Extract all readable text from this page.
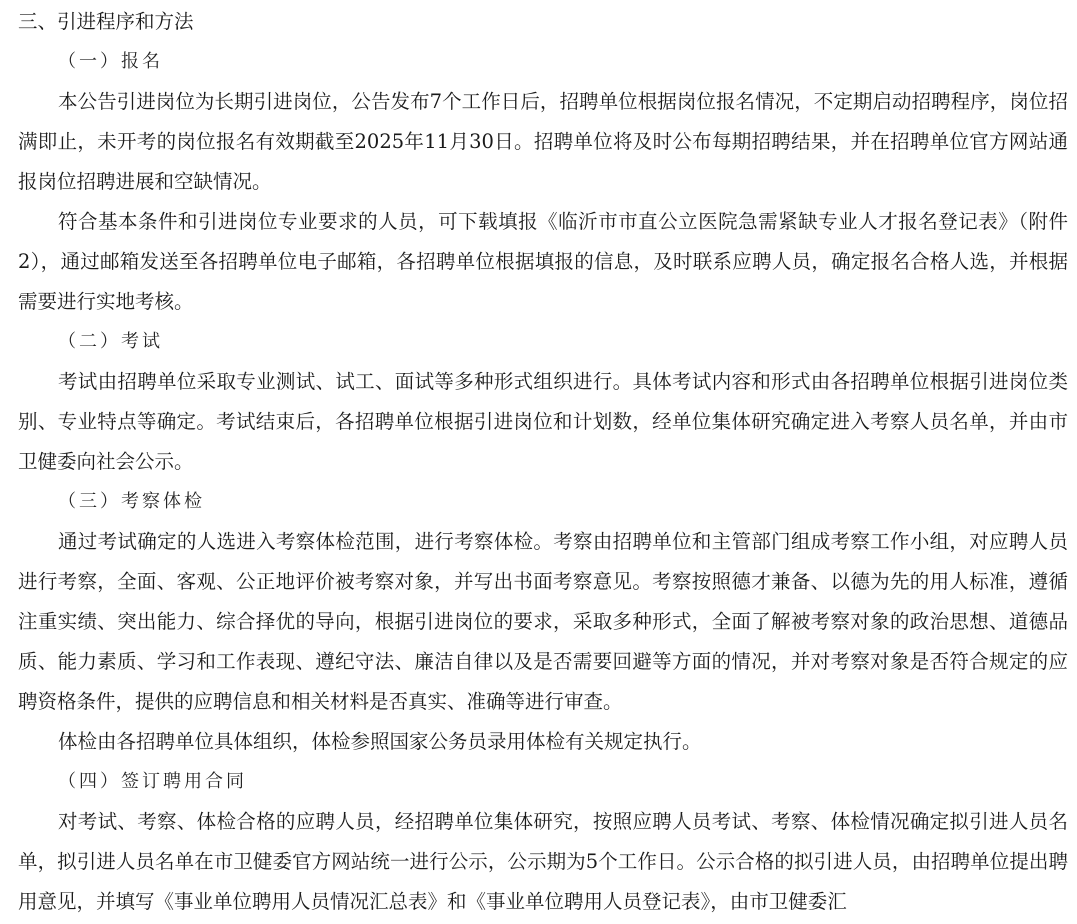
三、引进程序和方法
（一）报名

本公告引进岗位为长期引进岗位，公告发布7个工作日后，招聘单位根据岗位报名情况，不定期启动招聘程序，岗位招满即止，未开考的岗位报名有效期截至2025年11月30日。招聘单位将及时公布每期招聘结果，并在招聘单位官方网站通报岗位招聘进展和空缺情况。

符合基本条件和引进岗位专业要求的人员，可下载填报《临沂市市直公立医院急需紧缺专业人才报名登记表》（附件2），通过邮箱发送至各招聘单位电子邮箱，各招聘单位根据填报的信息，及时联系应聘人员，确定报名合格人选，并根据需要进行实地考核。

（二）考试

考试由招聘单位采取专业测试、试工、面试等多种形式组织进行。具体考试内容和形式由各招聘单位根据引进岗位类别、专业特点等确定。考试结束后，各招聘单位根据引进岗位和计划数，经单位集体研究确定进入考察人员名单，并由市卫健委向社会公示。

（三）考察体检

通过考试确定的人选进入考察体检范围，进行考察体检。考察由招聘单位和主管部门组成考察工作小组，对应聘人员进行考察，全面、客观、公正地评价被考察对象，并写出书面考察意见。考察按照德才兼备、以德为先的用人标准，遵循注重实绩、突出能力、综合择优的导向，根据引进岗位的要求，采取多种形式，全面了解被考察对象的政治思想、道德品质、能力素质、学习和工作表现、遵纪守法、廉洁自律以及是否需要回避等方面的情况，并对考察对象是否符合规定的应聘资格条件，提供的应聘信息和相关材料是否真实、准确等进行审查。

体检由各招聘单位具体组织，体检参照国家公务员录用体检有关规定执行。

（四）签订聘用合同

对考试、考察、体检合格的应聘人员，经招聘单位集体研究，按照应聘人员考试、考察、体检情况确定拟引进人员名单，拟引进人员名单在市卫健委官方网站统一进行公示，公示期为5个工作日。公示合格的拟引进人员，由招聘单位提出聘用意见，并填写《事业单位聘用人员情况汇总表》和《事业单位聘用人员登记表》，由市卫健委汇
